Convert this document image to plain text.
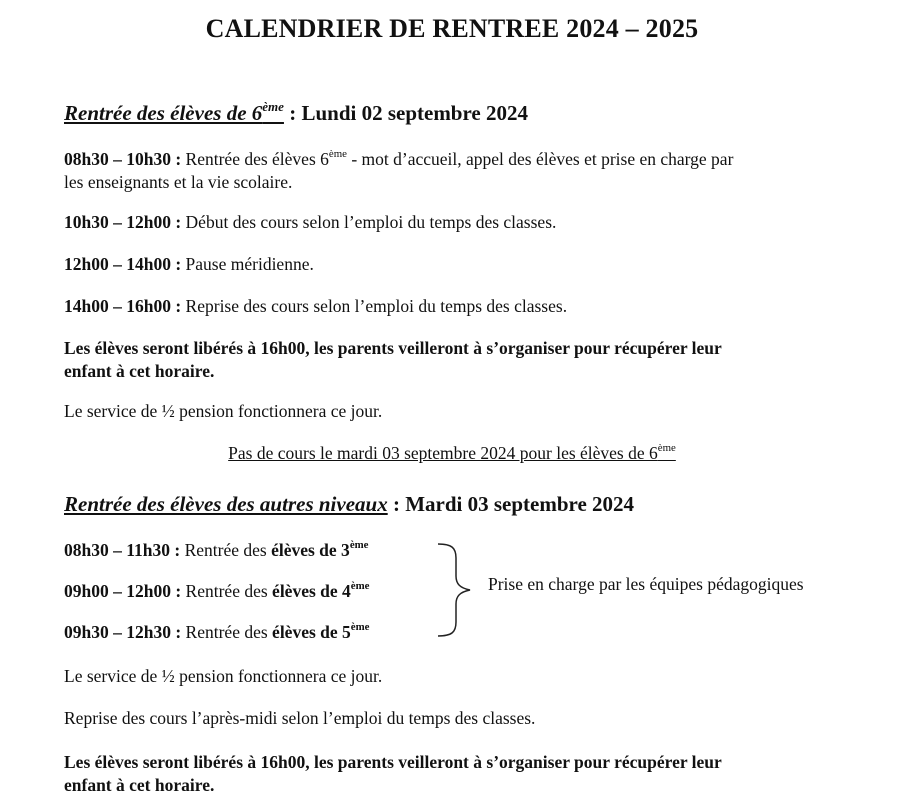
CALENDRIER DE RENTREE 2024 – 2025
Rentrée des élèves de 6ème : Lundi 02 septembre 2024
08h30 – 10h30 : Rentrée des élèves 6ème - mot d’accueil, appel des élèves et prise en charge par
les enseignants et la vie scolaire.
10h30 – 12h00 : Début des cours selon l’emploi du temps des classes.
12h00 – 14h00 : Pause méridienne.
14h00 – 16h00 : Reprise des cours selon l’emploi du temps des classes.
Les élèves seront libérés à 16h00, les parents veilleront à s’organiser pour récupérer leur
enfant à cet horaire.
Le service de ½ pension fonctionnera ce jour.
Pas de cours le mardi 03 septembre 2024 pour les élèves de 6ème
Rentrée des élèves des autres niveaux : Mardi 03 septembre 2024
08h30 – 11h30 : Rentrée des élèves de 3ème
09h00 – 12h00 : Rentrée des élèves de 4ème
09h30 – 12h30 : Rentrée des élèves de 5ème
Prise en charge par les équipes pédagogiques
Le service de ½ pension fonctionnera ce jour.
Reprise des cours l’après-midi selon l’emploi du temps des classes.
Les élèves seront libérés à 16h00, les parents veilleront à s’organiser pour récupérer leur
enfant à cet horaire.
